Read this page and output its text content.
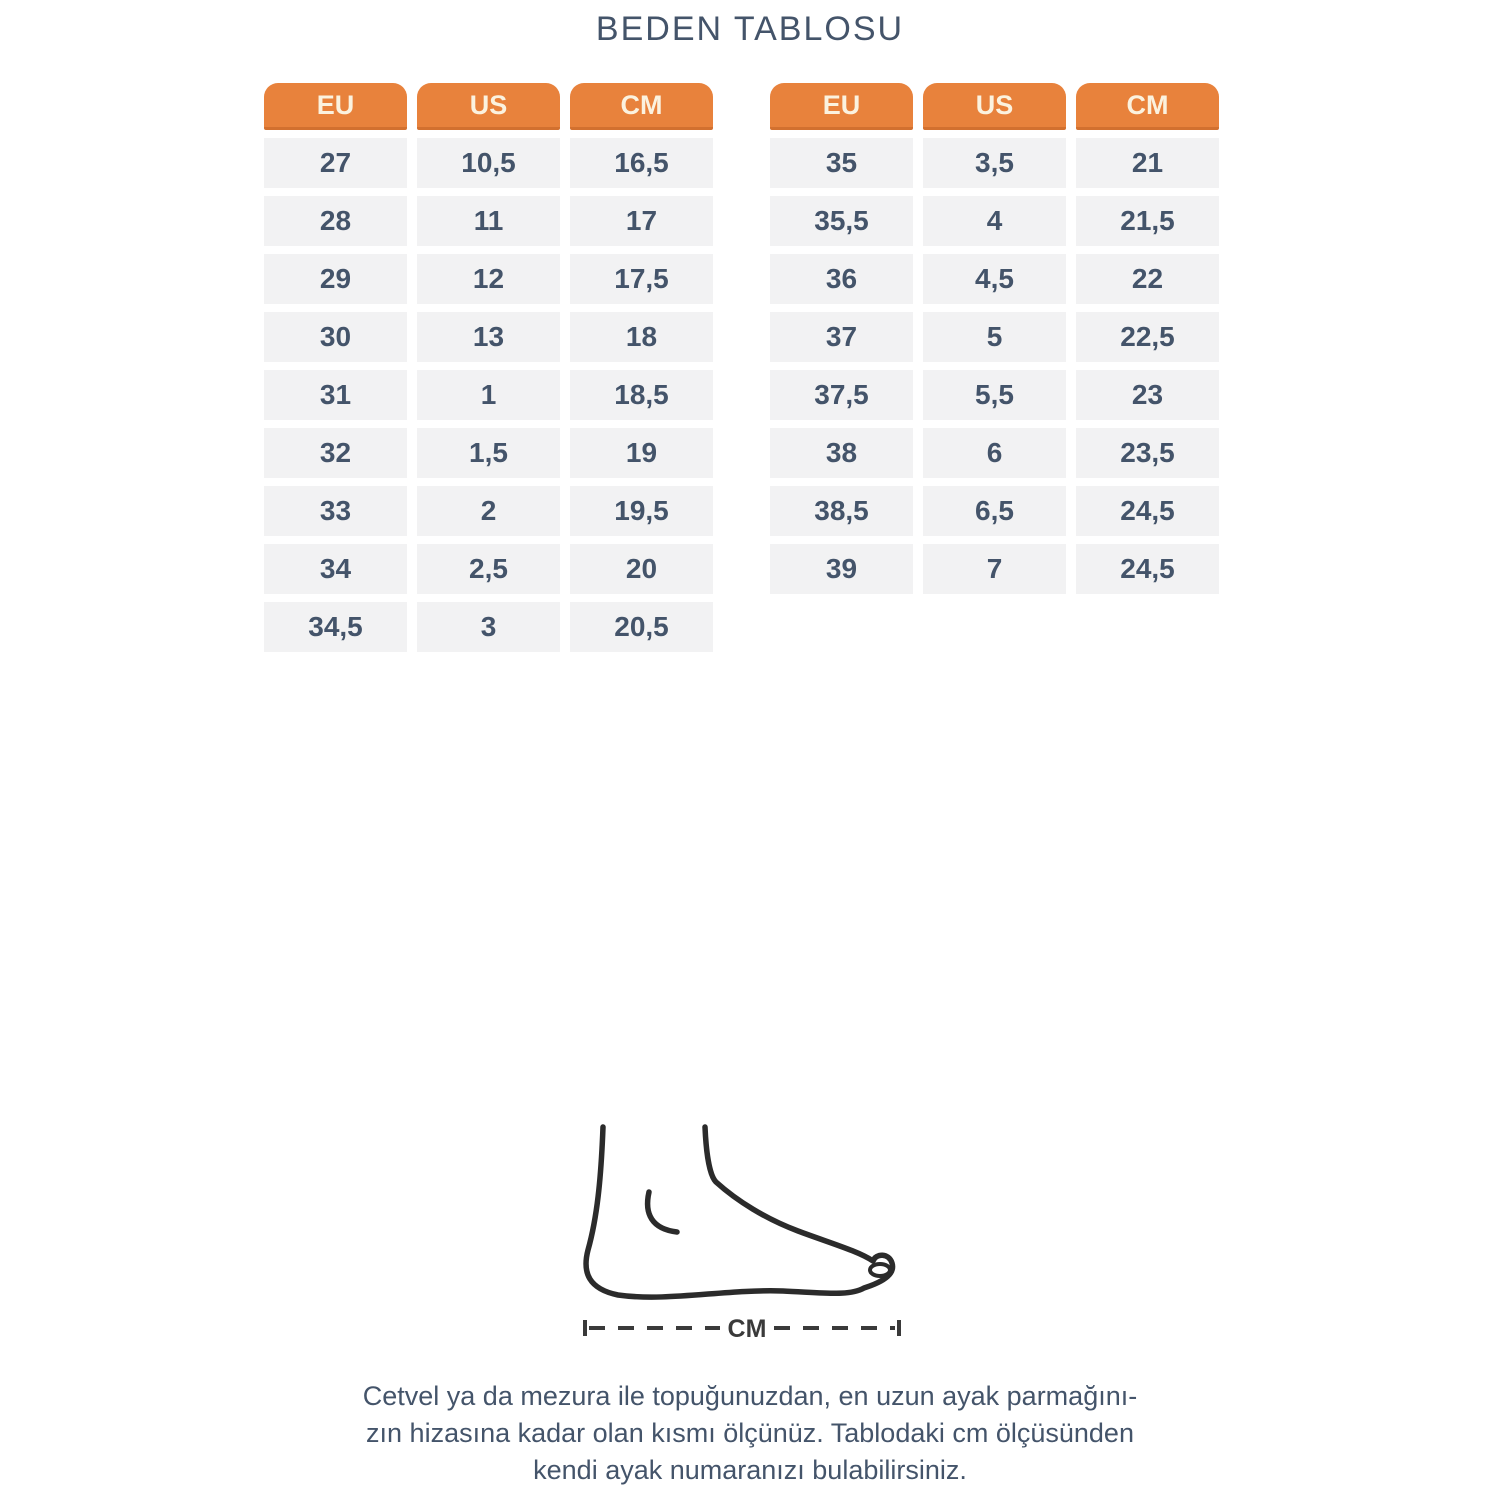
BEDEN TABLOSU
EU	US	CM
27	10,5	16,5
28	11	17
29	12	17,5
30	13	18
31	1	18,5
32	1,5	19
33	2	19,5
34	2,5	20
34,5	3	20,5
EU	US	CM
35	3,5	21
35,5	4	21,5
36	4,5	22
37	5	22,5
37,5	5,5	23
38	6	23,5
38,5	6,5	24,5
39	7	24,5
CM

Cetvel ya da mezura ile topuğunuzdan, en uzun ayak parmağını-
zın hizasına kadar olan kısmı ölçünüz. Tablodaki cm ölçüsünden
kendi ayak numaranızı bulabilirsiniz.
